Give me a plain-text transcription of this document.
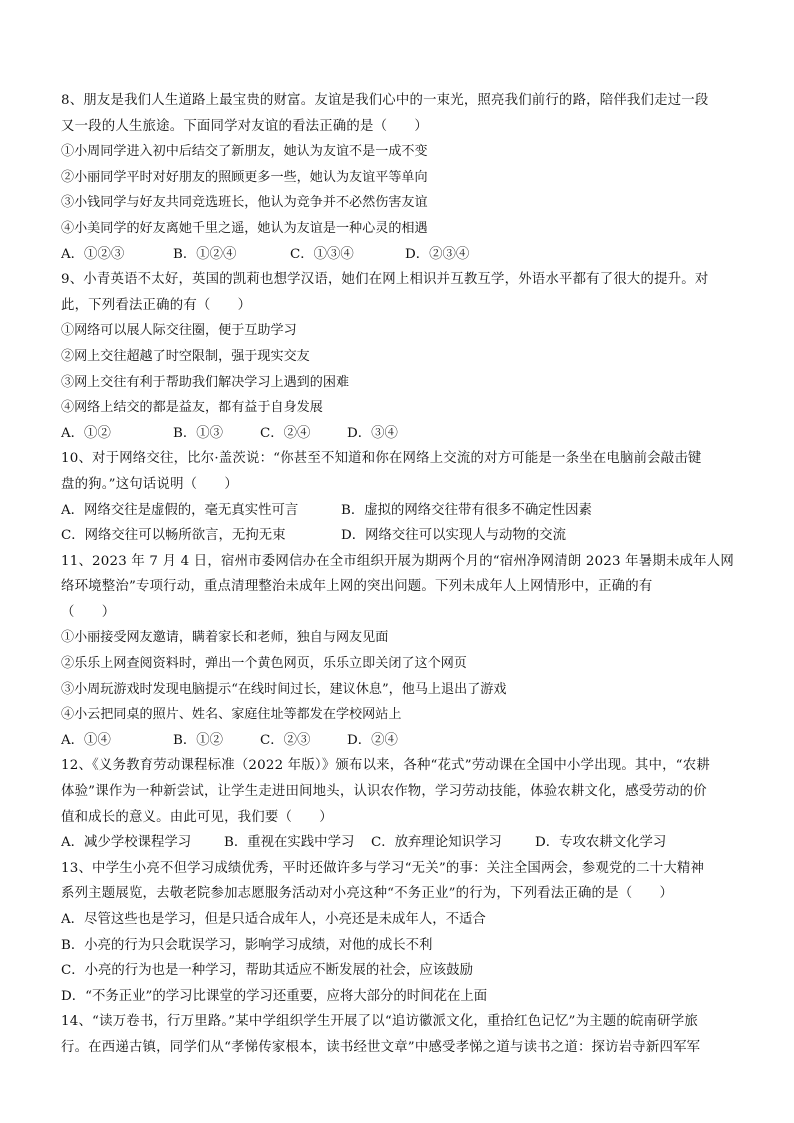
8、朋友是我们人生道路上最宝贵的财富。友谊是我们心中的一束光，照亮我们前行的路，陪伴我们走过一段
又一段的人生旅途。下面同学对友谊的看法正确的是（　　）
①小周同学进入初中后结交了新朋友，她认为友谊不是一成不变
②小丽同学平时对好朋友的照顾更多一些，她认为友谊平等单向
③小钱同学与好友共同竞选班长，他认为竞争并不必然伤害友谊
④小美同学的好友离她千里之遥，她认为友谊是一种心灵的相遇
A．①②③	B．①②④	C．①③④	D．②③④
9、小青英语不太好，英国的凯莉也想学汉语，她们在网上相识并互教互学，外语水平都有了很大的提升。对
此，下列看法正确的有（　　）
①网络可以展人际交往圈，便于互助学习
②网上交往超越了时空限制，强于现实交友
③网上交往有利于帮助我们解决学习上遇到的困难
④网络上结交的都是益友，都有益于自身发展
A．①②	B．①③	C．②④	D．③④
10、对于网络交往，比尔·盖茨说：“你甚至不知道和你在网络上交流的对方可能是一条坐在电脑前会敲击键
盘的狗。”这句话说明（　　）
A．网络交往是虚假的，毫无真实性可言	B．虚拟的网络交往带有很多不确定性因素
C．网络交往可以畅所欲言，无拘无束	D．网络交往可以实现人与动物的交流
11、2023 年 7 月 4 日，宿州市委网信办在全市组织开展为期两个月的“宿州净网清朗 2023 年暑期未成年人网
络环境整治”专项行动，重点清理整治未成年上网的突出问题。下列未成年人上网情形中，正确的有
（　　）
①小丽接受网友邀请，瞒着家长和老师，独自与网友见面
②乐乐上网查阅资料时，弹出一个黄色网页，乐乐立即关闭了这个网页
③小周玩游戏时发现电脑提示“在线时间过长，建议休息”，他马上退出了游戏
④小云把同桌的照片、姓名、家庭住址等都发在学校网站上
A．①④	B．①②	C．②③	D．②④
12、《义务教育劳动课程标准（2022 年版）》颁布以来，各种“花式”劳动课在全国中小学出现。其中，“农耕
体验”课作为一种新尝试，让学生走进田间地头，认识农作物，学习劳动技能，体验农耕文化，感受劳动的价
值和成长的意义。由此可见，我们要（　　）
A．减少学校课程学习	B．重视在实践中学习	C．放弃理论知识学习	D．专攻农耕文化学习
13、中学生小亮不但学习成绩优秀，平时还做许多与学习“无关”的事：关注全国两会，参观党的二十大精神
系列主题展览，去敬老院参加志愿服务活动对小亮这种“不务正业”的行为，下列看法正确的是（　　）
A．尽管这些也是学习，但是只适合成年人，小亮还是未成年人，不适合
B．小亮的行为只会耽误学习，影响学习成绩，对他的成长不利
C．小亮的行为也是一种学习，帮助其适应不断发展的社会，应该鼓励
D．“不务正业”的学习比课堂的学习还重要，应将大部分的时间花在上面
14、“读万卷书，行万里路。”某中学组织学生开展了以“追访徽派文化，重拾红色记忆”为主题的皖南研学旅
行。在西递古镇，同学们从“孝悌传家根本，读书经世文章”中感受孝悌之道与读书之道：探访岩寺新四军军
